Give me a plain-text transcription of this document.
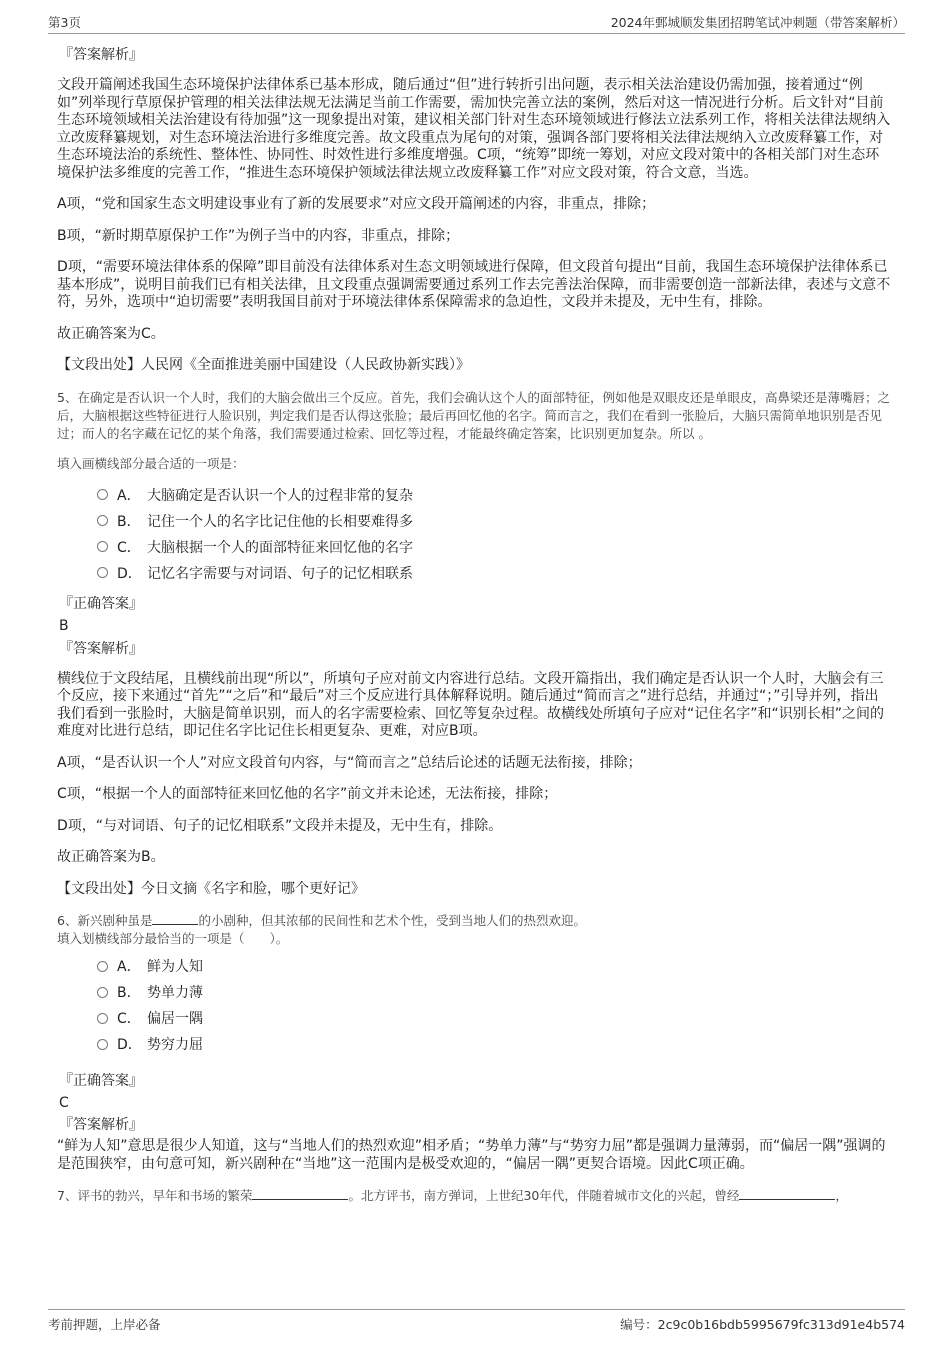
第3页	2024年鄄城顺发集团招聘笔试冲刺题（带答案解析）
『答案解析』

文段开篇阐述我国生态环境保护法律体系已基本形成，随后通过“但”进行转折引出问题，表示相关法治建设仍需加强，接着通过“例如”列举现行草原保护管理的相关法律法规无法满足当前工作需要，需加快完善立法的案例，然后对这一情况进行分析。后文针对“目前生态环境领域相关法治建设有待加强”这一现象提出对策，建议相关部门针对生态环境领域进行修法立法系列工作，将相关法律法规纳入立改废释纂规划，对生态环境法治进行多维度完善。故文段重点为尾句的对策，强调各部门要将相关法律法规纳入立改废释纂工作，对生态环境法治的系统性、整体性、协同性、时效性进行多维度增强。C项，“统筹”即统一筹划，对应文段对策中的各相关部门对生态环境保护法多维度的完善工作，“推进生态环境保护领域法律法规立改废释纂工作”对应文段对策，符合文意，当选。

A项，“党和国家生态文明建设事业有了新的发展要求”对应文段开篇阐述的内容，非重点，排除；

B项，“新时期草原保护工作”为例子当中的内容，非重点，排除；

D项，“需要环境法律体系的保障”即目前没有法律体系对生态文明领域进行保障，但文段首句提出“目前，我国生态环境保护法律体系已基本形成”，说明目前我们已有相关法律，且文段重点强调需要通过系列工作去完善法治保障，而非需要创造一部新法律，表述与文意不符，另外，选项中“迫切需要”表明我国目前对于环境法律体系保障需求的急迫性，文段并未提及，无中生有，排除。

故正确答案为C。

【文段出处】人民网《全面推进美丽中国建设（人民政协新实践）》

5、在确定是否认识一个人时，我们的大脑会做出三个反应。首先，我们会确认这个人的面部特征，例如他是双眼皮还是单眼皮，高鼻梁还是薄嘴唇；之后，大脑根据这些特征进行人脸识别，判定我们是否认得这张脸；最后再回忆他的名字。简而言之，我们在看到一张脸后，大脑只需简单地识别是否见过；而人的名字藏在记忆的某个角落，我们需要通过检索、回忆等过程，才能最终确定答案，比识别更加复杂。所以 。

填入画横线部分最合适的一项是：

A． 大脑确定是否认识一个人的过程非常的复杂
B． 记住一个人的名字比记住他的长相要难得多
C． 大脑根据一个人的面部特征来回忆他的名字
D． 记忆名字需要与对词语、句子的记忆相联系
『正确答案』
B
『答案解析』

横线位于文段结尾，且横线前出现“所以”，所填句子应对前文内容进行总结。文段开篇指出，我们确定是否认识一个人时，大脑会有三个反应，接下来通过“首先”“之后”和“最后”对三个反应进行具体解释说明。随后通过“简而言之”进行总结，并通过“；”引导并列，指出我们看到一张脸时，大脑是简单识别，而人的名字需要检索、回忆等复杂过程。故横线处所填句子应对“记住名字”和“识别长相”之间的难度对比进行总结，即记住名字比记住长相更复杂、更难，对应B项。

A项，“是否认识一个人”对应文段首句内容，与“简而言之”总结后论述的话题无法衔接，排除；

C项，“根据一个人的面部特征来回忆他的名字”前文并未论述，无法衔接，排除；

D项，“与对词语、句子的记忆相联系”文段并未提及，无中生有，排除。

故正确答案为B。

【文段出处】今日文摘《名字和脸，哪个更好记》

6、新兴剧种虽是	的小剧种，但其浓郁的民间性和艺术个性，受到当地人们的热烈欢迎。

填入划横线部分最恰当的一项是（　　）。

A． 鲜为人知
B． 势单力薄
C． 偏居一隅
D． 势穷力屈
『正确答案』
C
『答案解析』

“鲜为人知”意思是很少人知道，这与“当地人们的热烈欢迎”相矛盾；“势单力薄”与“势穷力屈”都是强调力量薄弱，而“偏居一隅”强调的是范围狭窄，由句意可知，新兴剧种在“当地”这一范围内是极受欢迎的，“偏居一隅”更契合语境。因此C项正确。

7、评书的勃兴，早年和书场的繁荣	。北方评书，南方弹词，上世纪30年代，伴随着城市文化的兴起，曾经	，

考前押题，上岸必备	编号：2c9c0b16bdb5995679fc313d91e4b574
